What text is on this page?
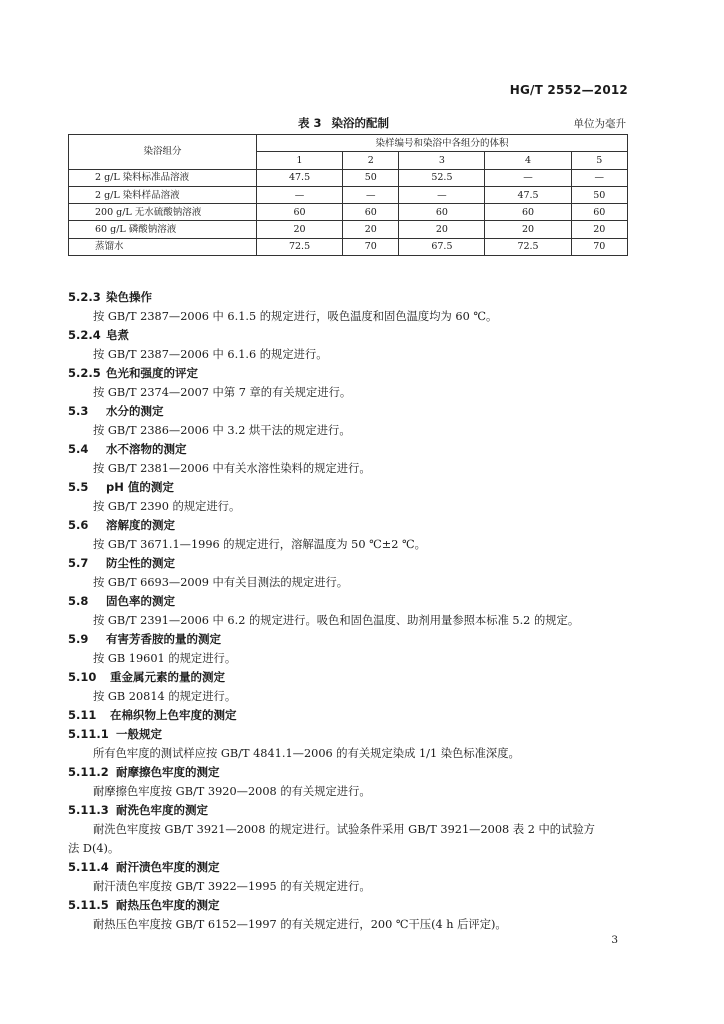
HG/T 2552—2012
表 3 染浴的配制	单位为毫升
染浴组分	染样编号和染浴中各组分的体积				
	1	2	3	4	5
2 g/L 染料标准品溶液	47.5	50	52.5	—	—
2 g/L 染料样品溶液	—	—	—	47.5	50
200 g/L 无水硫酸钠溶液	60	60	60	60	60
60 g/L 磷酸钠溶液	20	20	20	20	20
蒸馏水	72.5	70	67.5	72.5	70
5.2.3 染色操作
按 GB/T 2387—2006 中 6.1.5 的规定进行，吸色温度和固色温度均为 60 ℃。
5.2.4 皂煮
按 GB/T 2387—2006 中 6.1.6 的规定进行。
5.2.5 色光和强度的评定
按 GB/T 2374—2007 中第 7 章的有关规定进行。
5.3 水分的测定
按 GB/T 2386—2006 中 3.2 烘干法的规定进行。
5.4 水不溶物的测定
按 GB/T 2381—2006 中有关水溶性染料的规定进行。
5.5 pH 值的测定
按 GB/T 2390 的规定进行。
5.6 溶解度的测定
按 GB/T 3671.1—1996 的规定进行，溶解温度为 50 ℃±2 ℃。
5.7 防尘性的测定
按 GB/T 6693—2009 中有关目测法的规定进行。
5.8 固色率的测定
按 GB/T 2391—2006 中 6.2 的规定进行。吸色和固色温度、助剂用量参照本标准 5.2 的规定。
5.9 有害芳香胺的量的测定
按 GB 19601 的规定进行。
5.10 重金属元素的量的测定
按 GB 20814 的规定进行。
5.11 在棉织物上色牢度的测定
5.11.1 一般规定
所有色牢度的测试样应按 GB/T 4841.1—2006 的有关规定染成 1/1 染色标准深度。
5.11.2 耐摩擦色牢度的测定
耐摩擦色牢度按 GB/T 3920—2008 的有关规定进行。
5.11.3 耐洗色牢度的测定
耐洗色牢度按 GB/T 3921—2008 的规定进行。试验条件采用 GB/T 3921—2008 表 2 中的试验方
法 D(4)。
5.11.4 耐汗渍色牢度的测定
耐汗渍色牢度按 GB/T 3922—1995 的有关规定进行。
5.11.5 耐热压色牢度的测定
耐热压色牢度按 GB/T 6152—1997 的有关规定进行，200 ℃干压(4 h 后评定)。
3
